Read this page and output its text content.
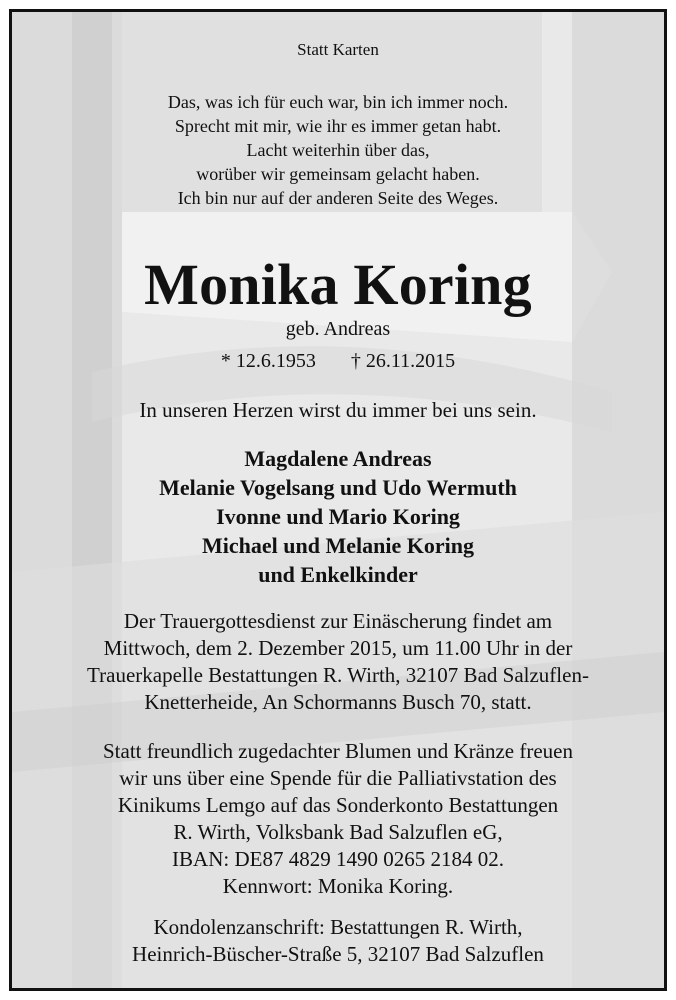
Statt Karten
Das, was ich für euch war, bin ich immer noch.
Sprecht mit mir, wie ihr es immer getan habt.
Lacht weiterhin über das,
worüber wir gemeinsam gelacht haben.
Ich bin nur auf der anderen Seite des Weges.
Monika Koring
geb. Andreas
* 12.6.1953 † 26.11.2015
In unseren Herzen wirst du immer bei uns sein.
Magdalene Andreas
Melanie Vogelsang und Udo Wermuth
Ivonne und Mario Koring
Michael und Melanie Koring
und Enkelkinder
Der Trauergottesdienst zur Einäscherung findet am
Mittwoch, dem 2. Dezember 2015, um 11.00 Uhr in der
Trauerkapelle Bestattungen R. Wirth, 32107 Bad Salzuflen-
Knetterheide, An Schormanns Busch 70, statt.
Statt freundlich zugedachter Blumen und Kränze freuen
wir uns über eine Spende für die Palliativstation des
Kinikums Lemgo auf das Sonderkonto Bestattungen
R. Wirth, Volksbank Bad Salzuflen eG,
IBAN: DE87 4829 1490 0265 2184 02.
Kennwort: Monika Koring.
Kondolenzanschrift: Bestattungen R. Wirth,
Heinrich-Büscher-Straße 5, 32107 Bad Salzuflen
